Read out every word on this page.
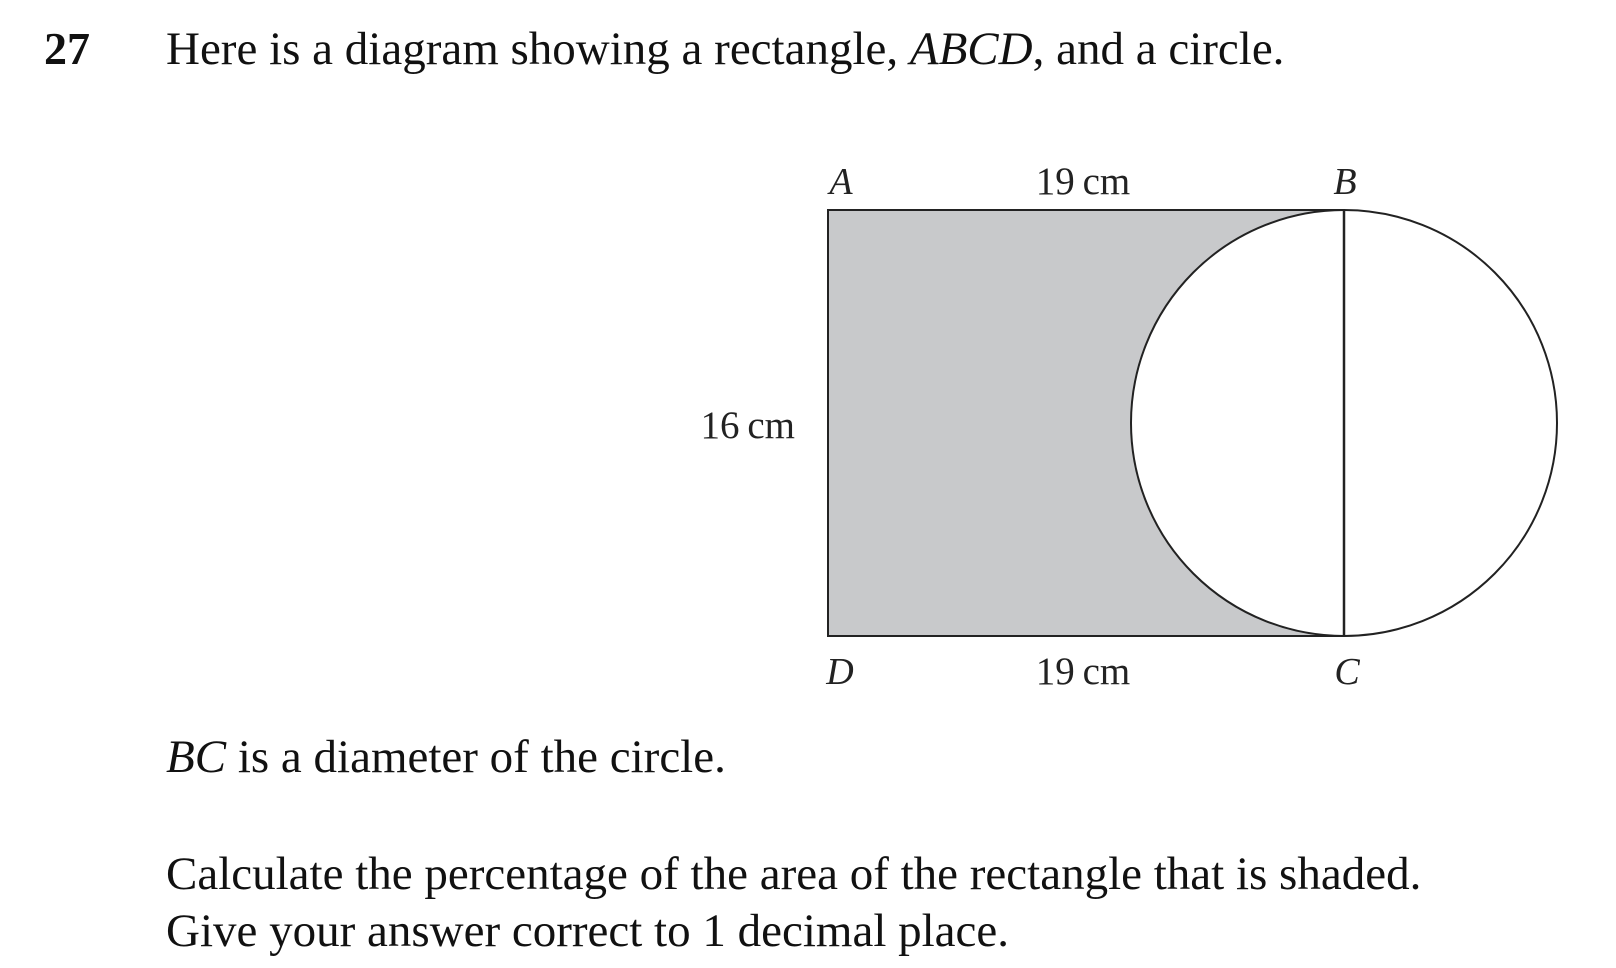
27 Here is a diagram showing a rectangle, ABCD, and a circle.
A	B
D	C
19 cm
19 cm
16 cm
BC is a diameter of the circle.
Calculate the percentage of the area of the rectangle that is shaded.
Give your answer correct to 1 decimal place.
